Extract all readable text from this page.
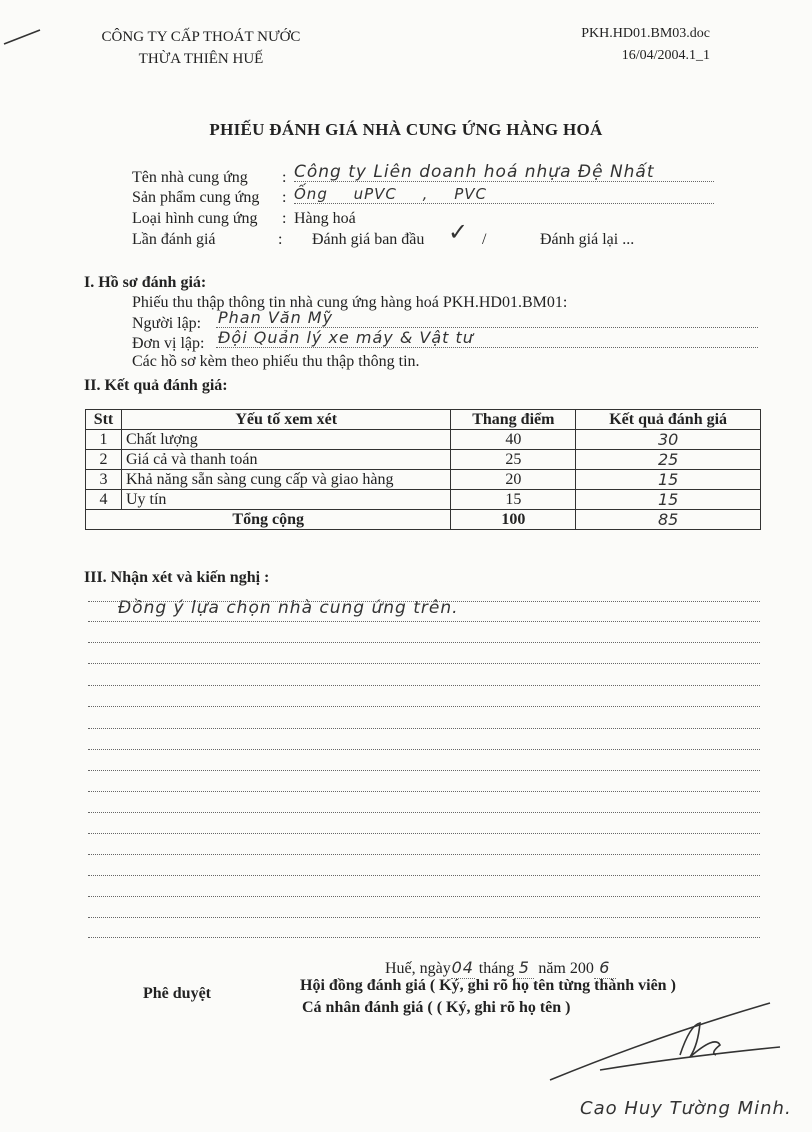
CÔNG TY CẤP THOÁT NƯỚC
THỪA THIÊN HUẾ
PKH.HD01.BM03.doc
16/04/2004.1_1
PHIẾU ĐÁNH GIÁ NHÀ CUNG ỨNG HÀNG HOÁ
Tên nhà cung ứng : Công ty Liên doanh hoá nhựa Đệ Nhất
Sản phẩm cung ứng : Ống uPVC , PVC
Loại hình cung ứng : Hàng hoá
Lần đánh giá	: Đánh giá ban đầu ✓ /	Đánh giá lại ...
I. Hồ sơ đánh giá:
Phiếu thu thập thông tin nhà cung ứng hàng hoá PKH.HD01.BM01:
Người lập: Phan Văn Mỹ
Đơn vị lập: Đội Quản lý xe máy & Vật tư
Các hồ sơ kèm theo phiếu thu thập thông tin.
II. Kết quả đánh giá:
Stt	Yếu tố xem xét	Thang điểm	Kết quả đánh giá
1	Chất lượng	40	30
2	Giá cả và thanh toán	25	25
3	Khả năng sẵn sàng cung cấp và giao hàng	20	15
4	Uy tín	15	15
Tổng cộng		100	85
III. Nhận xét và kiến nghị :
Đồng ý lựa chọn nhà cung ứng trên.
Huế, ngày04 tháng 5 năm 200 6
Phê duyệt	Hội đồng đánh giá ( Ký, ghi rõ họ tên từng thành viên )
Cá nhân đánh giá ( ( Ký, ghi rõ họ tên )
Cao Huy Tường Minh.
